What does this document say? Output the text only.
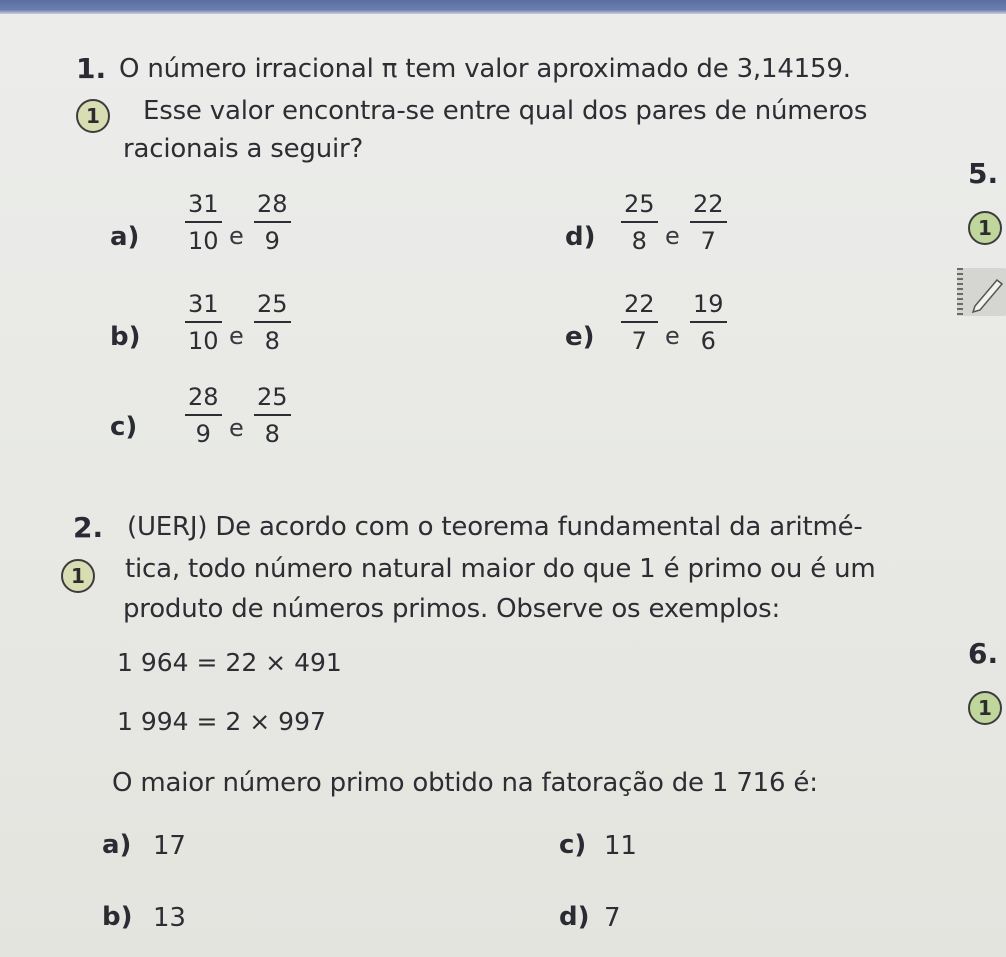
1. O número irracional π tem valor aproximado de 3,14159.
1	Esse valor encontra-se entre qual dos pares de números
racionais a seguir?
a)
31
10 e
28
9
b)
31
10 e
25
8
c)
28
9 e
25
8
d)
25
8 e
22
7
e)
22
7 e
19
6
5.
1
2. (UERJ) De acordo com o teorema fundamental da aritmé-
1	tica, todo número natural maior do que 1 é primo ou é um
produto de números primos. Observe os exemplos:
1 964 = 22 × 491
1 994 = 2 × 997
O maior número primo obtido na fatoração de 1 716 é:
a) 17
b) 13
c) 11
d) 7
6.
1
